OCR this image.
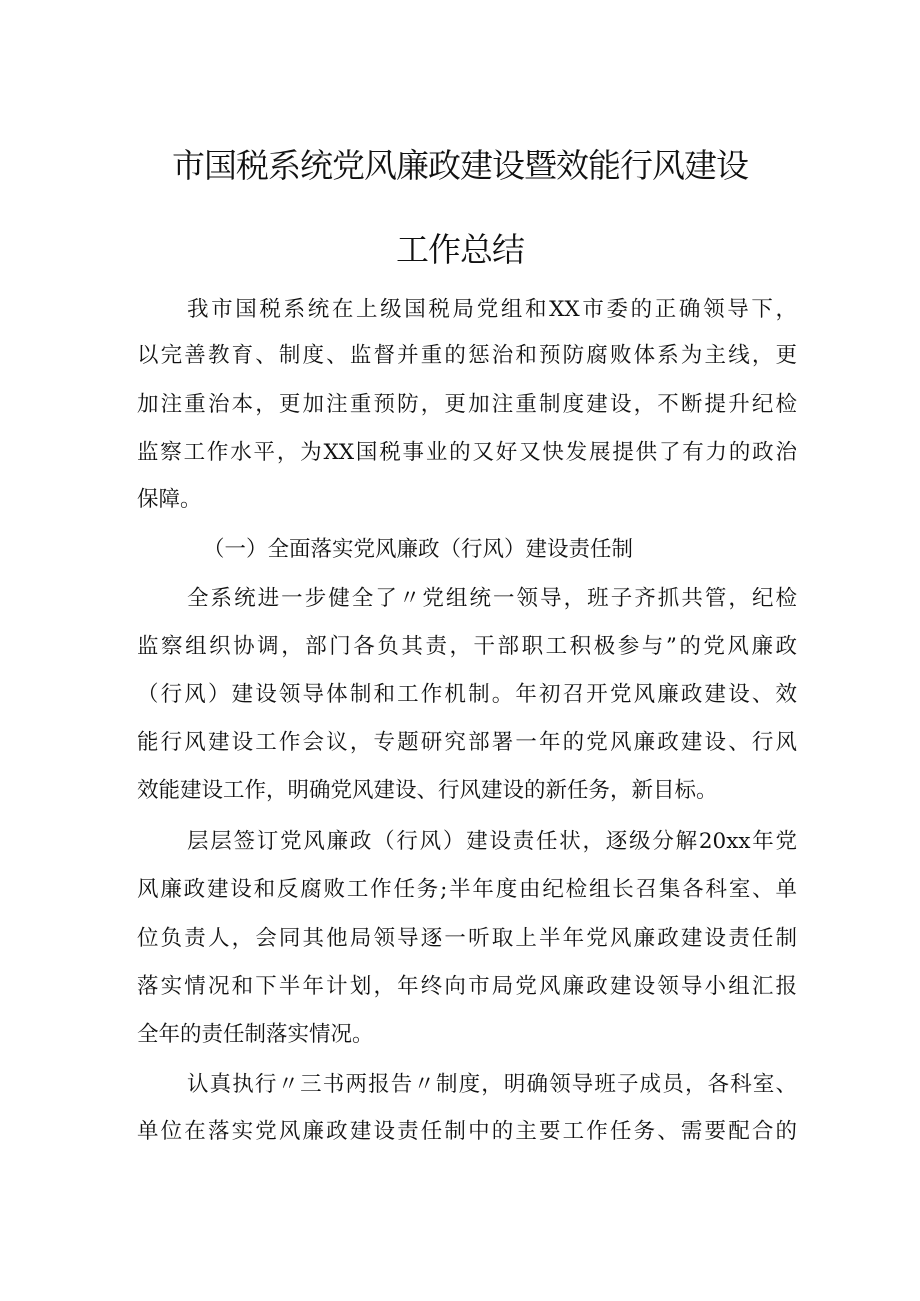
市国税系统党风廉政建设暨效能行风建设
工作总结
我市国税系统在上级国税局党组和XX市委的正确领导下，
以完善教育、制度、监督并重的惩治和预防腐败体系为主线，更
加注重治本，更加注重预防，更加注重制度建设，不断提升纪检
监察工作水平，为XX国税事业的又好又快发展提供了有力的政治
保障。
（一）全面落实党风廉政（行风）建设责任制
全系统进一步健全了〃党组统一领导，班子齐抓共管，纪检
监察组织协调，部门各负其责，干部职工积极参与”的党风廉政
（行风）建设领导体制和工作机制。年初召开党风廉政建设、效
能行风建设工作会议，专题研究部署一年的党风廉政建设、行风
效能建设工作，明确党风建设、行风建设的新任务，新目标。
层层签订党风廉政（行风）建设责任状，逐级分解20xx年党
风廉政建设和反腐败工作任务;半年度由纪检组长召集各科室、单
位负责人，会同其他局领导逐一听取上半年党风廉政建设责任制
落实情况和下半年计划，年终向市局党风廉政建设领导小组汇报
全年的责任制落实情况。
认真执行〃三书两报告〃制度，明确领导班子成员，各科室、
单位在落实党风廉政建设责任制中的主要工作任务、需要配合的
